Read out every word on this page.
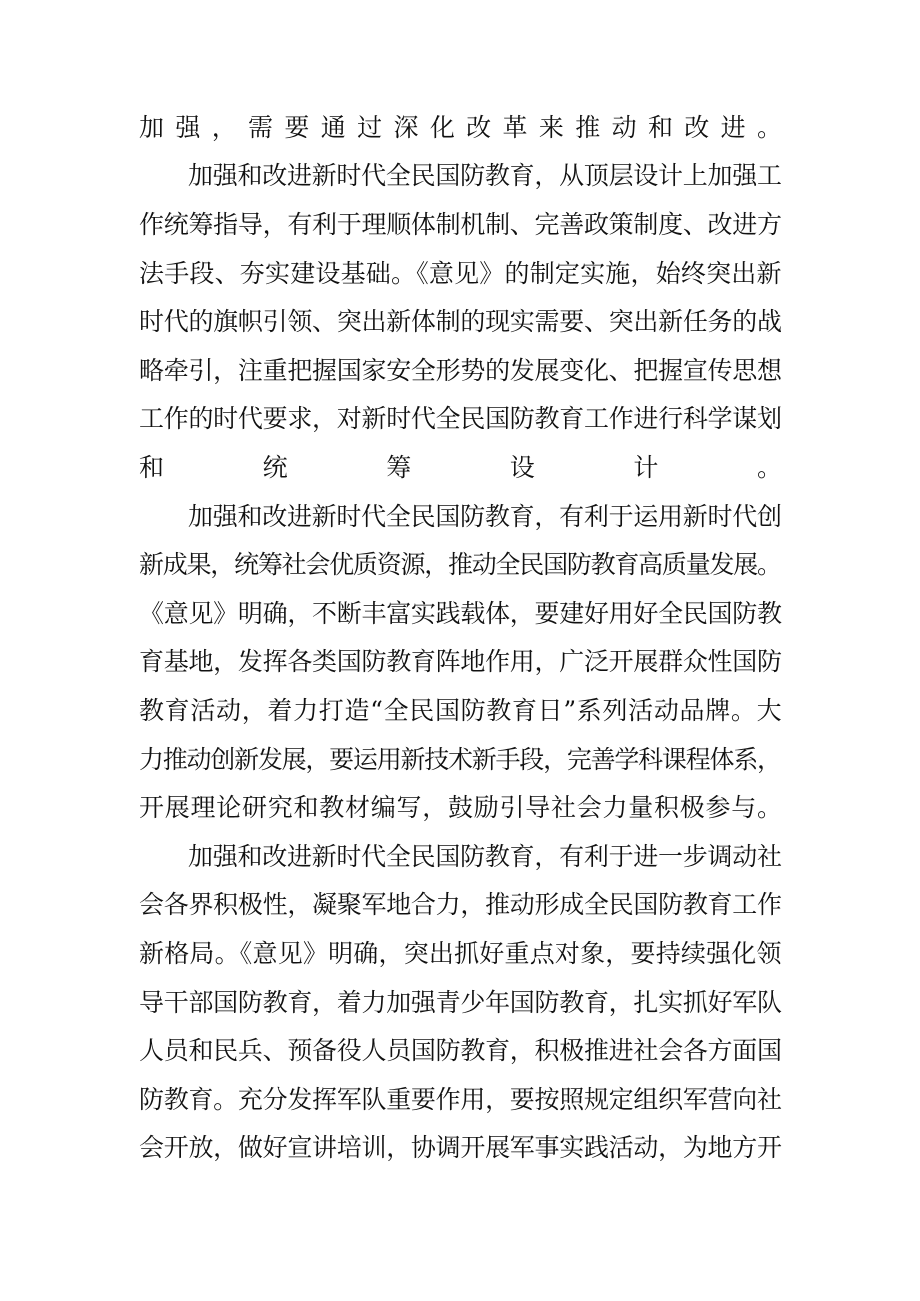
加强，需要通过深化改革来推动和改进。
加强和改进新时代全民国防教育，从顶层设计上加强工
作统筹指导，有利于理顺体制机制、完善政策制度、改进方
法手段、夯实建设基础。《意见》的制定实施，始终突出新
时代的旗帜引领、突出新体制的现实需要、突出新任务的战
略牵引，注重把握国家安全形势的发展变化、把握宣传思想
工作的时代要求，对新时代全民国防教育工作进行科学谋划
和统筹设计。
加强和改进新时代全民国防教育，有利于运用新时代创
新成果，统筹社会优质资源，推动全民国防教育高质量发展。
《意见》明确，不断丰富实践载体，要建好用好全民国防教
育基地，发挥各类国防教育阵地作用，广泛开展群众性国防
教育活动，着力打造“全民国防教育日”系列活动品牌。大
力推动创新发展，要运用新技术新手段，完善学科课程体系，
开展理论研究和教材编写，鼓励引导社会力量积极参与。
加强和改进新时代全民国防教育，有利于进一步调动社
会各界积极性，凝聚军地合力，推动形成全民国防教育工作
新格局。《意见》明确，突出抓好重点对象，要持续强化领
导干部国防教育，着力加强青少年国防教育，扎实抓好军队
人员和民兵、预备役人员国防教育，积极推进社会各方面国
防教育。充分发挥军队重要作用，要按照规定组织军营向社
会开放，做好宣讲培训，协调开展军事实践活动，为地方开
